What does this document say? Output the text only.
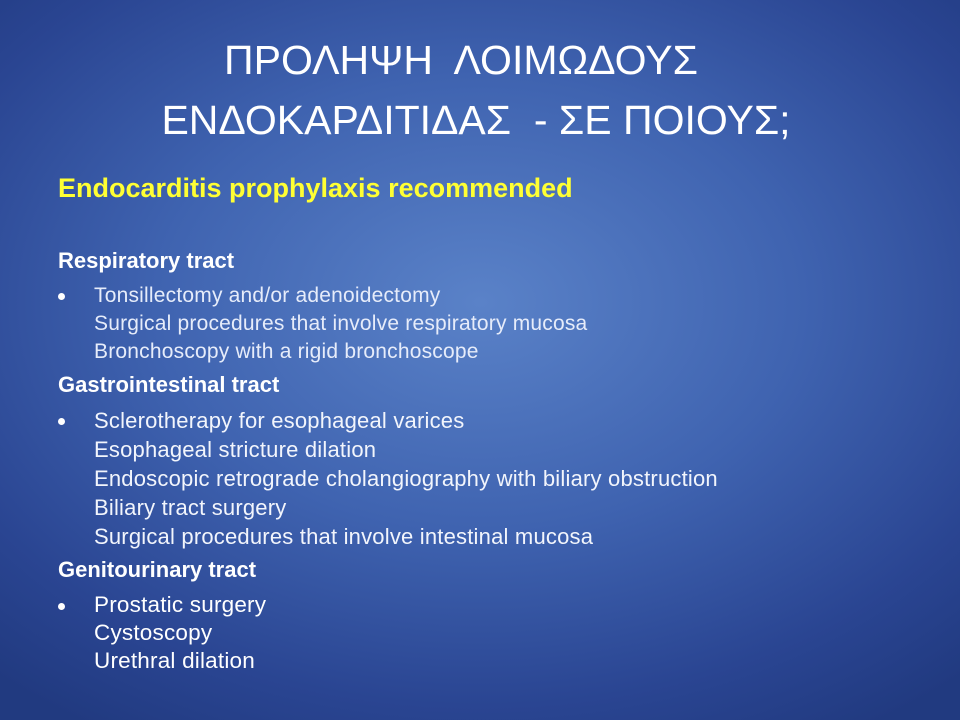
ΠΡΟΛΗΨΗ  ΛΟΙΜΩΔΟΥΣ
ΕΝΔΟΚΑΡΔΙΤΙΔΑΣ  - ΣΕ ΠΟΙΟΥΣ;
Endocarditis prophylaxis recommended
Respiratory tract
Tonsillectomy and/or adenoidectomy
Surgical procedures that involve respiratory mucosa
Bronchoscopy with a rigid bronchoscope
Gastrointestinal tract
Sclerotherapy for esophageal varices
Esophageal stricture dilation
Endoscopic retrograde cholangiography with biliary obstruction
Biliary tract surgery
Surgical procedures that involve intestinal mucosa
Genitourinary tract
Prostatic surgery
Cystoscopy
Urethral dilation
